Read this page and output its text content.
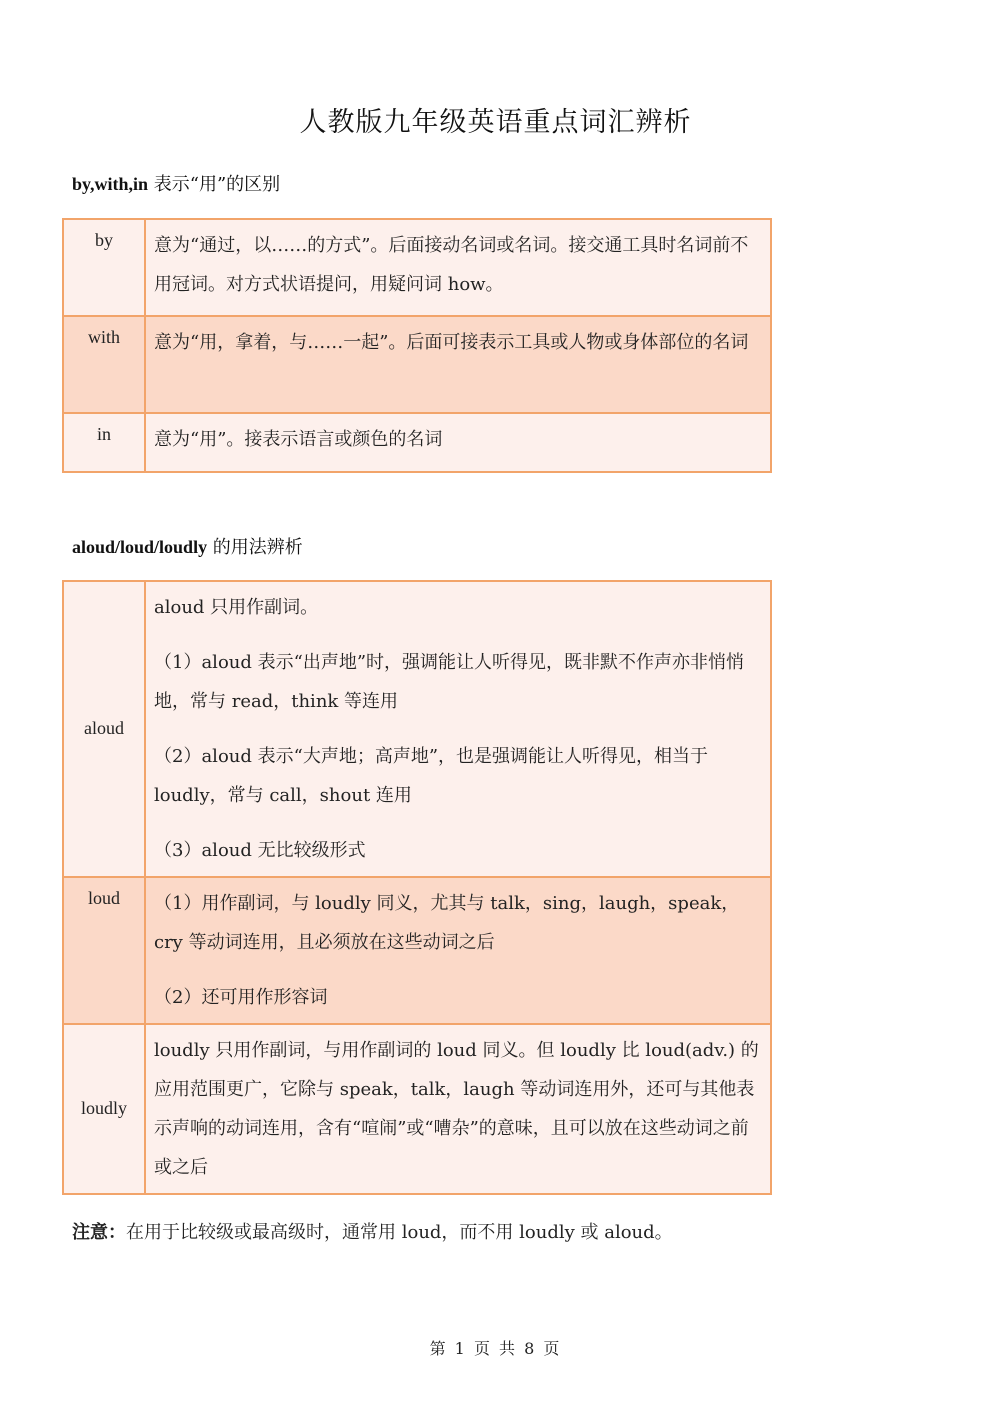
人教版九年级英语重点词汇辨析
by,with,in 表示“用”的区别
by	意为“通过，以……的方式”。后面接动名词或名词。接交通工具时名词前不用冠词。对方式状语提问，用疑问词 how。
with	意为“用，拿着，与……一起”。后面可接表示工具或人物或身体部位的名词
in	意为“用”。接表示语言或颜色的名词
aloud/loud/loudly 的用法辨析
aloud	aloud 只用作副词。

（1）aloud 表示“出声地”时，强调能让人听得见，既非默不作声亦非悄悄地，常与 read，think 等连用

（2）aloud 表示“大声地；高声地”，也是强调能让人听得见，相当于 loudly，常与 call，shout 连用

（3）aloud 无比较级形式

loud	（1）用作副词，与 loudly 同义，尤其与 talk，sing，laugh，speak，cry 等动词连用，且必须放在这些动词之后

（2）还可用作形容词

loudly	loudly 只用作副词，与用作副词的 loud 同义。但 loudly 比 loud(adv.) 的应用范围更广，它除与 speak，talk，laugh 等动词连用外，还可与其他表示声响的动词连用，含有“喧闹”或“嘈杂”的意味，且可以放在这些动词之前或之后

注意：在用于比较级或最高级时，通常用 loud，而不用 loudly 或 aloud。
第 1 页 共 8 页
